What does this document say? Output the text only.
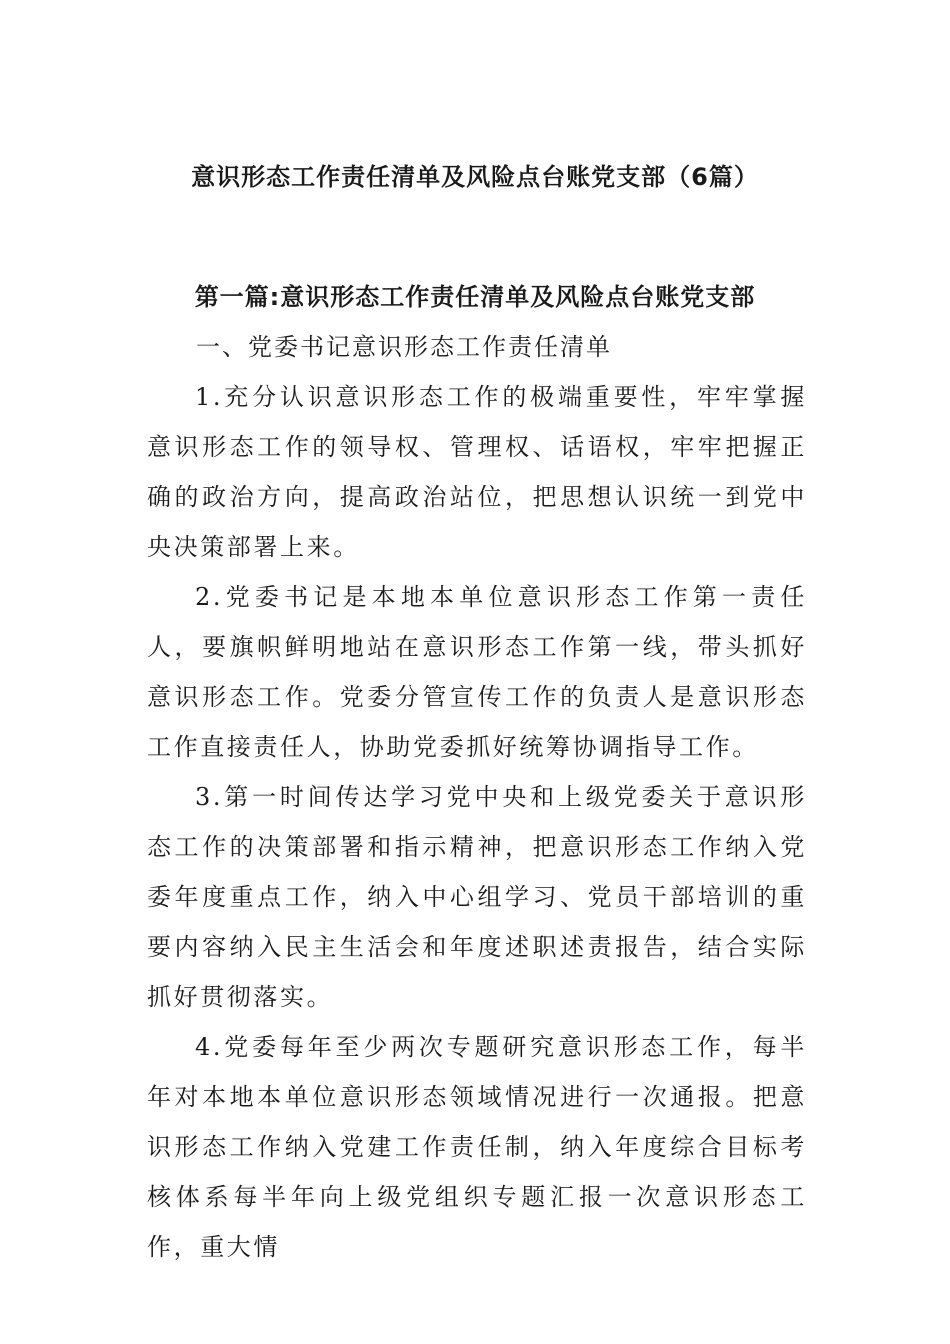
意识形态工作责任清单及风险点台账党支部（6篇）
第一篇:意识形态工作责任清单及风险点台账党支部

一、党委书记意识形态工作责任清单

1.充分认识意识形态工作的极端重要性，牢牢掌握意识形态工作的领导权、管理权、话语权，牢牢把握正确的政治方向，提高政治站位，把思想认识统一到党中央决策部署上来。

2.党委书记是本地本单位意识形态工作第一责任人，要旗帜鲜明地站在意识形态工作第一线，带头抓好意识形态工作。党委分管宣传工作的负责人是意识形态工作直接责任人，协助党委抓好统筹协调指导工作。

3.第一时间传达学习党中央和上级党委关于意识形态工作的决策部署和指示精神，把意识形态工作纳入党委年度重点工作，纳入中心组学习、党员干部培训的重要内容纳入民主生活会和年度述职述责报告，结合实际抓好贯彻落实。

4.党委每年至少两次专题研究意识形态工作，每半年对本地本单位意识形态领域情况进行一次通报。把意识形态工作纳入党建工作责任制，纳入年度综合目标考核体系每半年向上级党组织专题汇报一次意识形态工作，重大情
